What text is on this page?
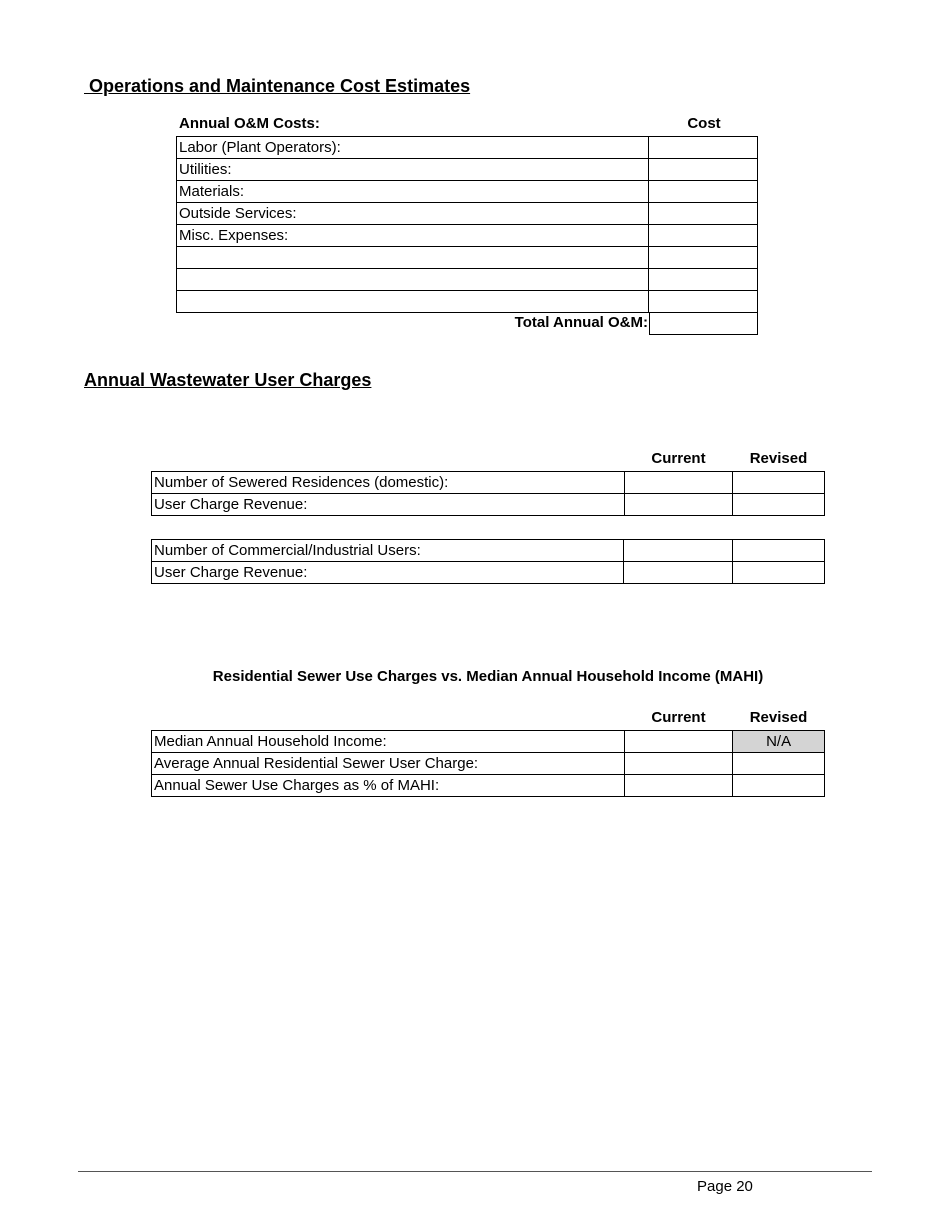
Operations and Maintenance Cost Estimates
Annual O&M Costs:	Cost
Labor (Plant Operators):	
Utilities:	
Materials:	
Outside Services:	
Misc. Expenses:	

Total Annual O&M:
Annual Wastewater User Charges
Current	Revised
Number of Sewered Residences (domestic):		
User Charge Revenue:		
Number of Commercial/Industrial Users:		
User Charge Revenue:		
Residential Sewer Use Charges vs. Median Annual Household Income (MAHI)
Current	Revised
Median Annual Household Income:		N/A
Average Annual Residential Sewer User Charge:		
Annual Sewer Use Charges as % of MAHI:		
Page 20
